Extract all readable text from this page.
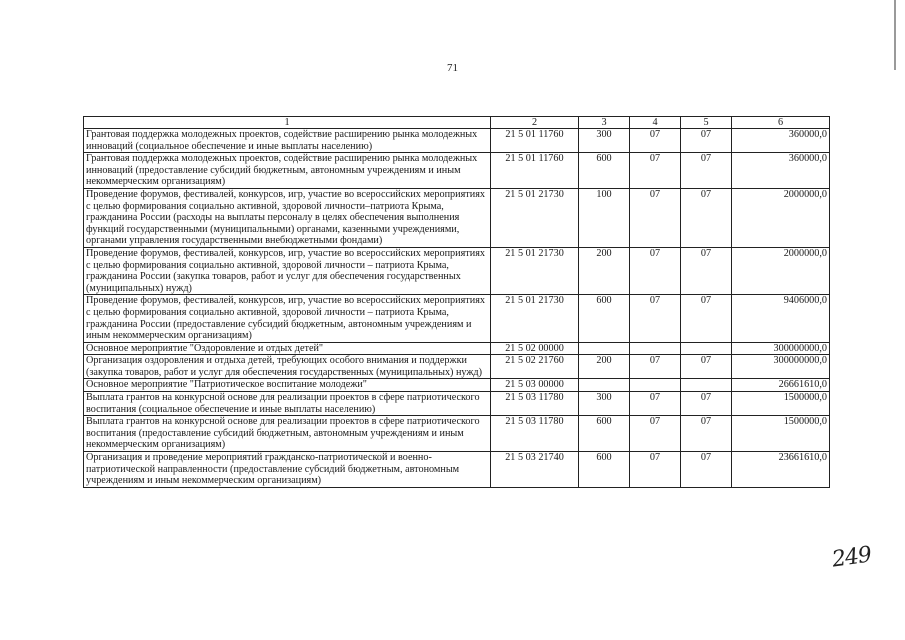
71
1	2	3	4	5	6
Грантовая поддержка молодежных проектов, содействие расширению рынка молодежных инноваций (социальное обеспечение и иные выплаты населению)	21 5 01 11760	300	07	07	360000,0
Грантовая поддержка молодежных проектов, содействие расширению рынка молодежных инноваций (предоставление субсидий бюджетным, автономным учреждениям и иным некоммерческим организациям)	21 5 01 11760	600	07	07	360000,0
Проведение форумов, фестивалей, конкурсов, игр, участие во всероссийских мероприятиях с целью формирования социально активной, здоровой личности–патриота Крыма, гражданина России (расходы на выплаты персоналу в целях обеспечения выполнения функций государственными (муниципальными) органами, казенными учреждениями, органами управления государственными внебюджетными фондами)	21 5 01 21730	100	07	07	2000000,0
Проведение форумов, фестивалей, конкурсов, игр, участие во всероссийских мероприятиях с целью формирования социально активной, здоровой личности – патриота Крыма, гражданина России (закупка товаров, работ и услуг для обеспечения государственных (муниципальных) нужд)	21 5 01 21730	200	07	07	2000000,0
Проведение форумов, фестивалей, конкурсов, игр, участие во всероссийских мероприятиях с целью формирования социально активной, здоровой личности – патриота Крыма, гражданина России (предоставление субсидий бюджетным, автономным учреждениям и иным некоммерческим организациям)	21 5 01 21730	600	07	07	9406000,0
Основное мероприятие "Оздоровление и отдых детей"	21 5 02 00000				300000000,0
Организация оздоровления и отдыха детей, требующих особого внимания и поддержки (закупка товаров, работ и услуг для обеспечения государственных (муниципальных) нужд)	21 5 02 21760	200	07	07	300000000,0
Основное мероприятие "Патриотическое воспитание молодежи"	21 5 03 00000				26661610,0
Выплата грантов на конкурсной основе для реализации проектов в сфере патриотического воспитания (социальное обеспечение и иные выплаты населению)	21 5 03 11780	300	07	07	1500000,0
Выплата грантов на конкурсной основе для реализации проектов в сфере патриотического воспитания (предоставление субсидий бюджетным, автономным учреждениям и иным некоммерческим организациям)	21 5 03 11780	600	07	07	1500000,0
Организация и проведение мероприятий гражданско-патриотической и военно-патриотической направленности (предоставление субсидий бюджетным, автономным учреждениям и иным некоммерческим организациям)	21 5 03 21740	600	07	07	23661610,0
249
